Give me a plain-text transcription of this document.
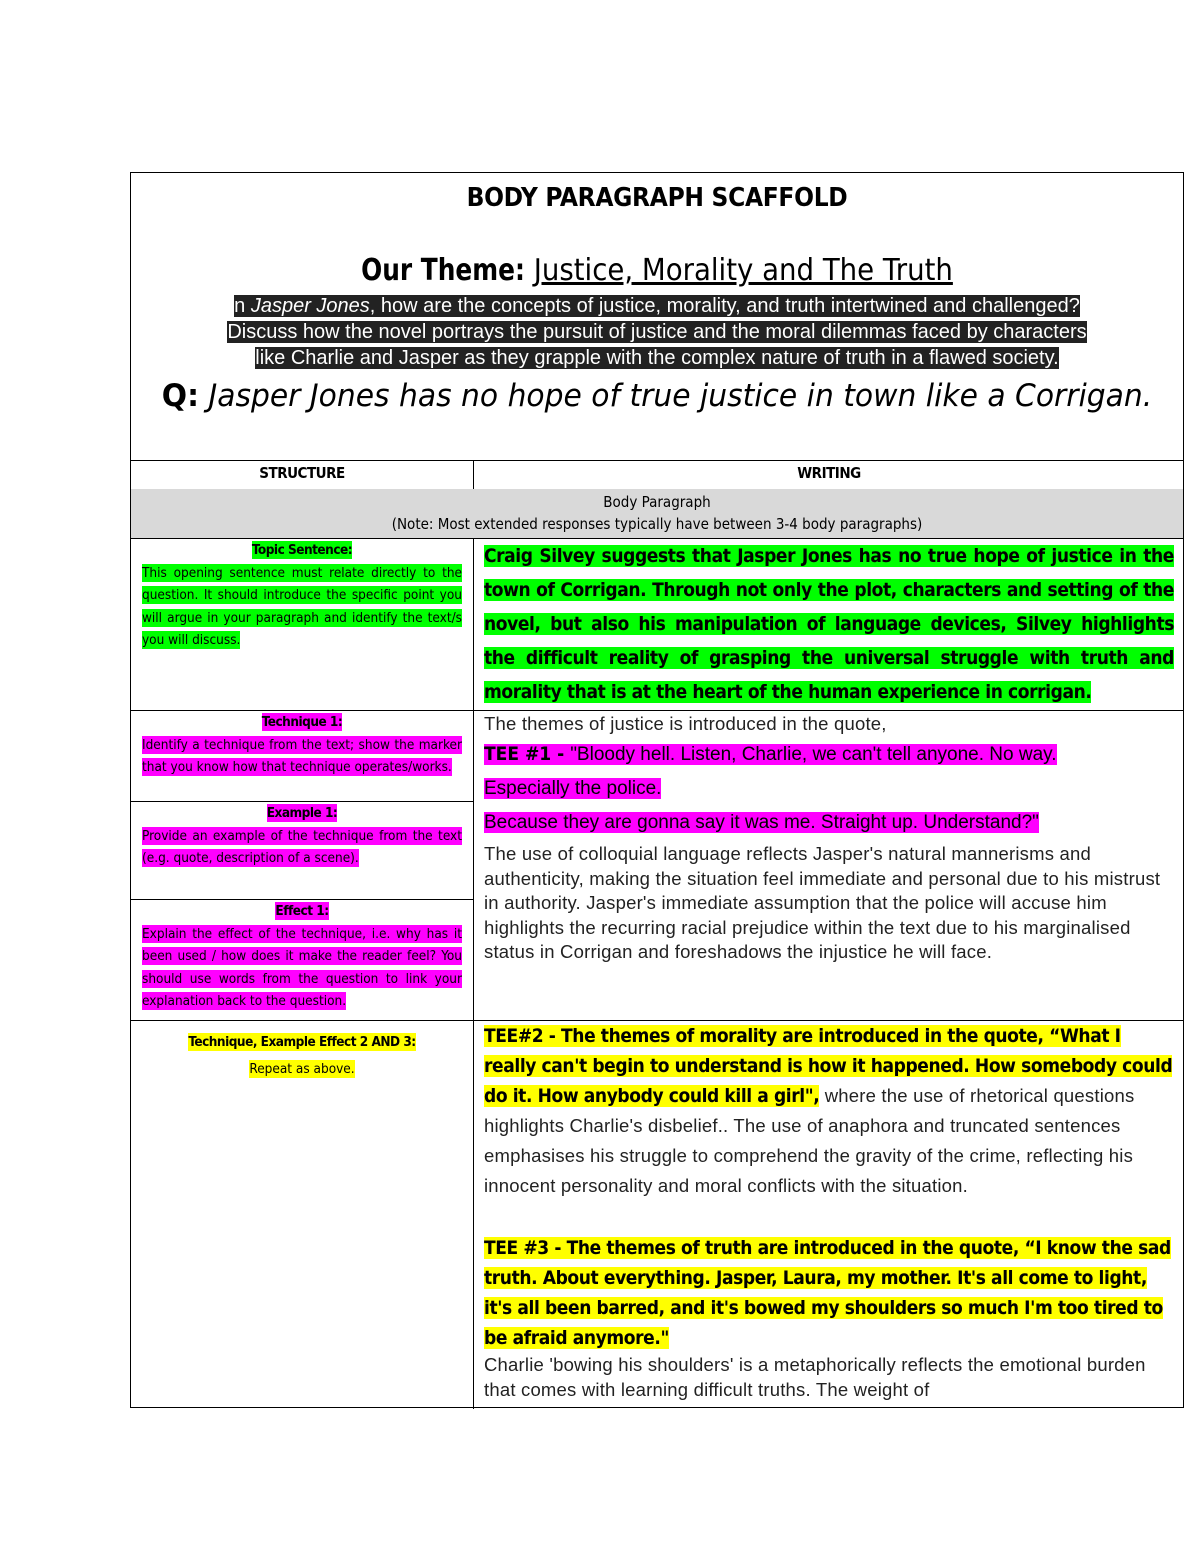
BODY PARAGRAPH SCAFFOLD
Our Theme: Justice, Morality and The Truth
n Jasper Jones, how are the concepts of justice, morality, and truth intertwined and challenged?
Discuss how the novel portrays the pursuit of justice and the moral dilemmas faced by characters
like Charlie and Jasper as they grapple with the complex nature of truth in a flawed society.
Q: Jasper Jones has no hope of true justice in town like a Corrigan.
STRUCTURE	WRITING
Body Paragraph
(Note: Most extended responses typically have between 3-4 body paragraphs)
Topic Sentence:
This opening sentence must relate directly to the question. It should introduce the specific point you will argue in your paragraph and identify the text/s you will discuss.
Craig Silvey suggests that Jasper Jones has no true hope of justice in the town of Corrigan. Through not only the plot, characters and setting of the novel, but also his manipulation of language devices, Silvey highlights the difficult reality of grasping the universal struggle with truth and morality that is at the heart of the human experience in corrigan.
Technique 1:
Identify a technique from the text; show the marker that you know how that technique operates/works.
Example 1:
Provide an example of the technique from the text (e.g. quote, description of a scene).
Effect 1:
Explain the effect of the technique, i.e. why has it been used / how does it make the reader feel? You should use words from the question to link your explanation back to the question.
The themes of justice is introduced in the quote,
TEE #1 - "Bloody hell. Listen, Charlie, we can't tell anyone. No way.
Especially the police.
Because they are gonna say it was me. Straight up. Understand?"
The use of colloquial language reflects Jasper's natural mannerisms and authenticity, making the situation feel immediate and personal due to his mistrust in authority. Jasper's immediate assumption that the police will accuse him highlights the recurring racial prejudice within the text due to his marginalised status in Corrigan and foreshadows the injustice he will face.
Technique, Example Effect 2 AND 3:
Repeat as above.
TEE#2 - The themes of morality are introduced in the quote, “What I really can't begin to understand is how it happened. How somebody could do it. How anybody could kill a girl", where the use of rhetorical questions highlights Charlie's disbelief.. The use of anaphora and truncated sentences emphasises his struggle to comprehend the gravity of the crime, reflecting his innocent personality and moral conflicts with the situation.
TEE #3 - The themes of truth are introduced in the quote, “I know the sad truth. About everything. Jasper, Laura, my mother. It's all come to light, it's all been barred, and it's bowed my shoulders so much I'm too tired to be afraid anymore."
Charlie 'bowing his shoulders' is a metaphorically reflects the emotional burden that comes with learning difficult truths. The weight of
